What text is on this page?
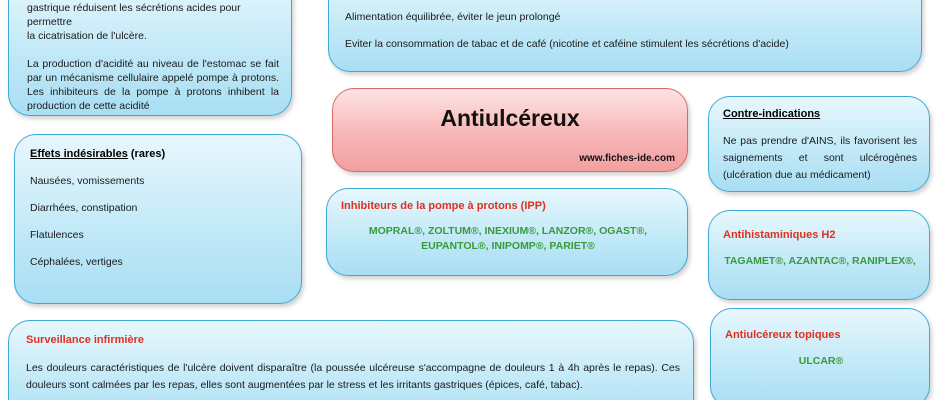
gastrique réduisent les sécrétions acides pour permettre

la cicatrisation de l'ulcère.

La production d'acidité au niveau de l'estomac se fait par un mécanisme cellulaire appelé pompe à protons. Les inhibiteurs de la pompe à protons inhibent la production de cette acidité

Alimentation équilibrée, éviter le jeun prolongé

Eviter la consommation de tabac et de café (nicotine et caféine stimulent les sécrétions d'acide)

Antiulcéreux
www.fiches-ide.com

Contre-indications

Ne pas prendre d'AINS, ils favorisent les saignements et sont ulcérogènes (ulcération due au médicament)

Effets indésirables (rares)

Nausées, vomissements

Diarrhées, constipation

Flatulences

Céphalées, vertiges

Inhibiteurs de la pompe à protons (IPP)

MOPRAL®, ZOLTUM®, INEXIUM®, LANZOR®, OGAST®,

EUPANTOL®, INIPOMP®, PARIET®

Antihistaminiques H2

TAGAMET®, AZANTAC®, RANIPLEX®,

Surveillance infirmière

Les douleurs caractéristiques de l'ulcère doivent disparaître (la poussée ulcéreuse s'accompagne de douleurs 1 à 4h après le repas). Ces douleurs sont calmées par les repas, elles sont augmentées par le stress et les irritants gastriques (épices, café, tabac).

Antiulcéreux topiques

ULCAR®
